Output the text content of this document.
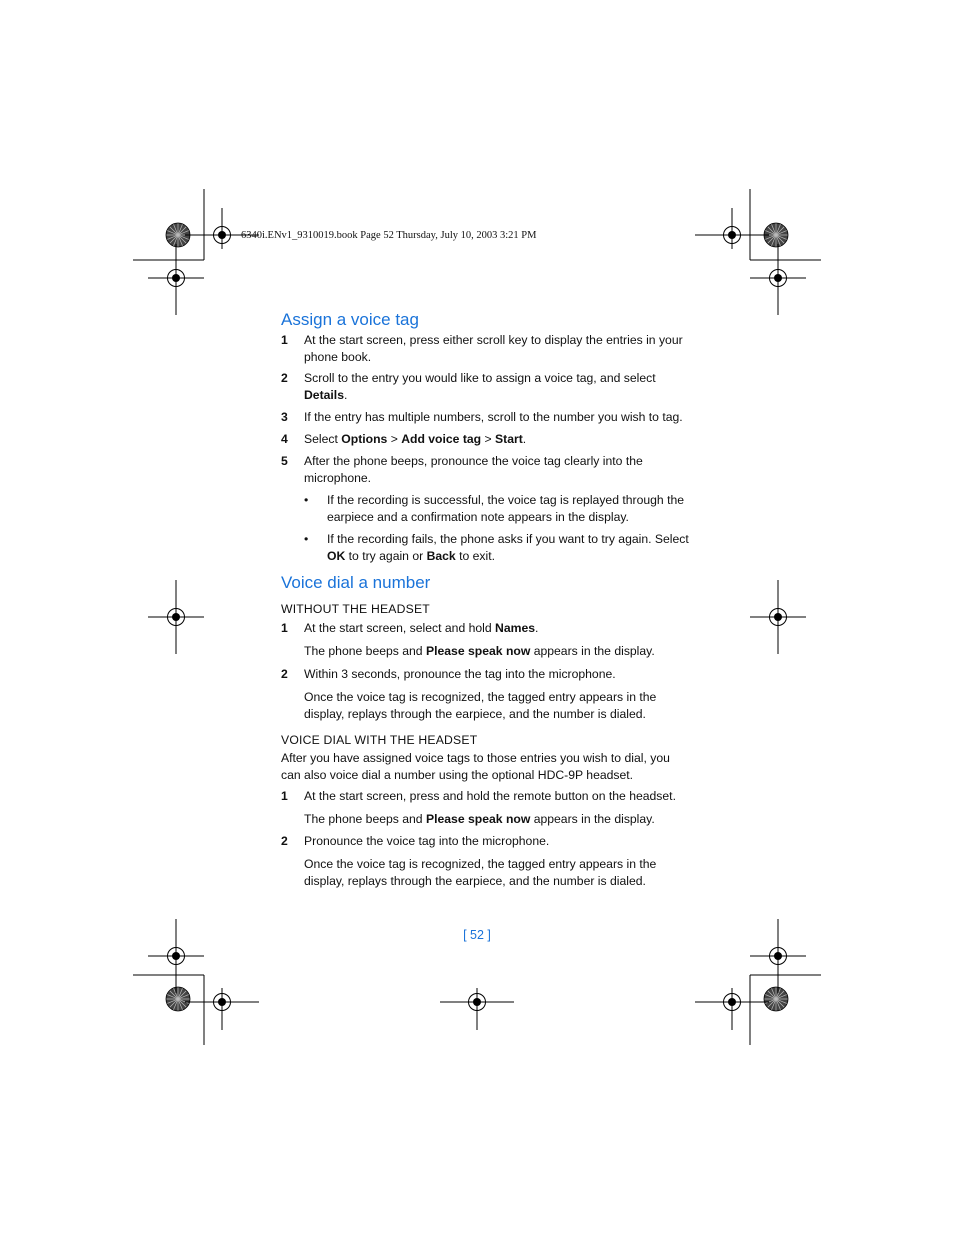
6340i.ENv1_9310019.book Page 52 Thursday, July 10, 2003 3:21 PM
Assign a voice tag
1 At the start screen, press either scroll key to display the entries in your phone book.
2 Scroll to the entry you would like to assign a voice tag, and select Details.
3 If the entry has multiple numbers, scroll to the number you wish to tag.
4 Select Options > Add voice tag > Start.
5 After the phone beeps, pronounce the voice tag clearly into the microphone.
• If the recording is successful, the voice tag is replayed through the earpiece and a confirmation note appears in the display.
• If the recording fails, the phone asks if you want to try again. Select OK to try again or Back to exit.
Voice dial a number
WITHOUT THE HEADSET
1 At the start screen, select and hold Names.
The phone beeps and Please speak now appears in the display.
2 Within 3 seconds, pronounce the tag into the microphone.
Once the voice tag is recognized, the tagged entry appears in the display, replays through the earpiece, and the number is dialed.
VOICE DIAL WITH THE HEADSET
After you have assigned voice tags to those entries you wish to dial, you can also voice dial a number using the optional HDC-9P headset.
1 At the start screen, press and hold the remote button on the headset.
The phone beeps and Please speak now appears in the display.
2 Pronounce the voice tag into the microphone.
Once the voice tag is recognized, the tagged entry appears in the display, replays through the earpiece, and the number is dialed.
[ 52 ]
